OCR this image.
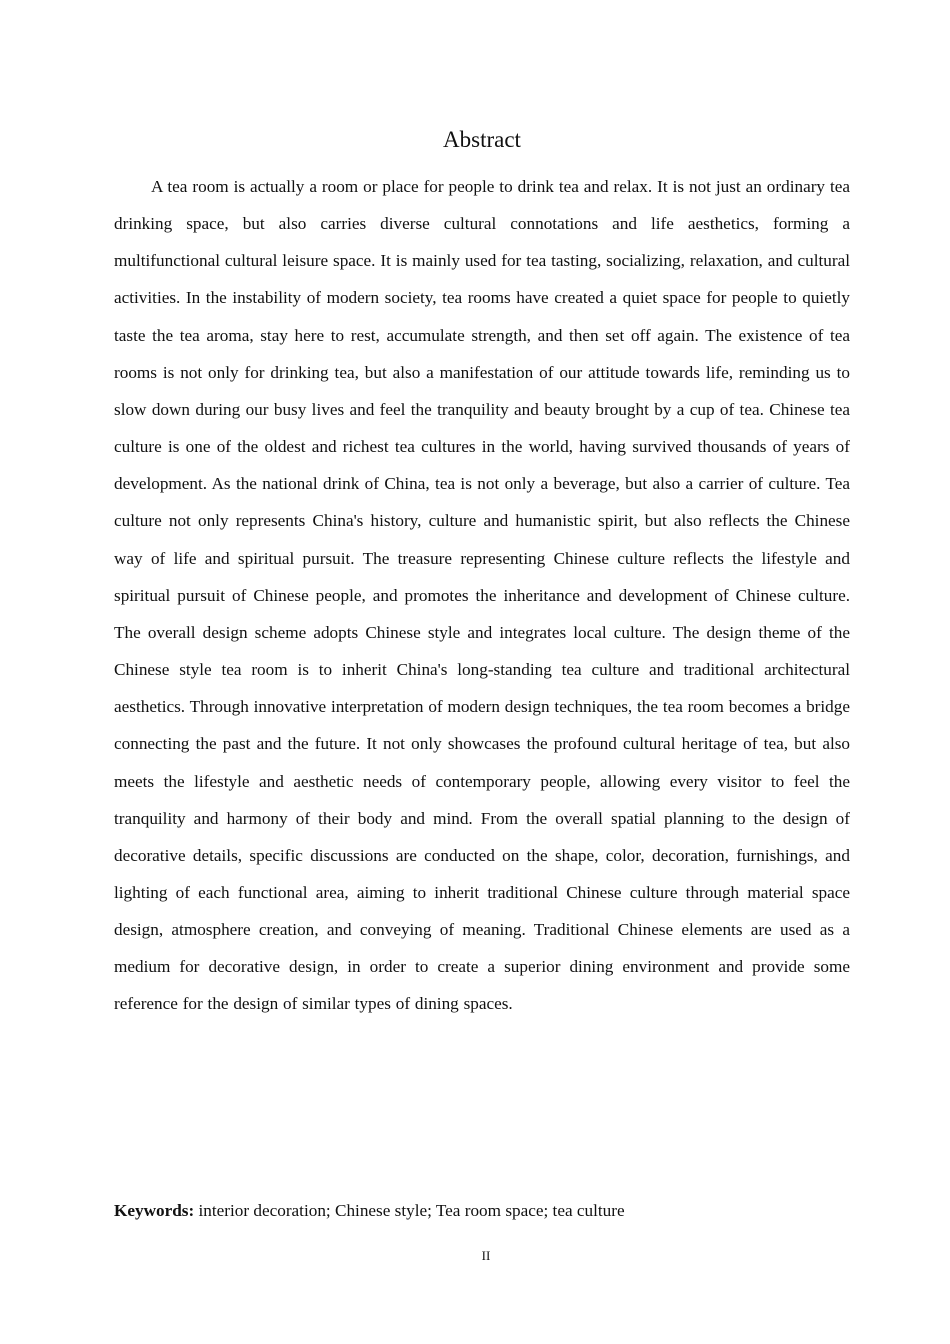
Abstract

A tea room is actually a room or place for people to drink tea and relax. It is not just an ordinary tea drinking space, but also carries diverse cultural connotations and life aesthetics, forming a multifunctional cultural leisure space. It is mainly used for tea tasting, socializing, relaxation, and cultural activities. In the instability of modern society, tea rooms have created a quiet space for people to quietly taste the tea aroma, stay here to rest, accumulate strength, and then set off again. The existence of tea rooms is not only for drinking tea, but also a manifestation of our attitude towards life, reminding us to slow down during our busy lives and feel the tranquility and beauty brought by a cup of tea. Chinese tea culture is one of the oldest and richest tea cultures in the world, having survived thousands of years of development. As the national drink of China, tea is not only a beverage, but also a carrier of culture. Tea culture not only represents China's history, culture and humanistic spirit, but also reflects the Chinese way of life and spiritual pursuit. The treasure representing Chinese culture reflects the lifestyle and spiritual pursuit of Chinese people, and promotes the inheritance and development of Chinese culture. The overall design scheme adopts Chinese style and integrates local culture. The design theme of the Chinese style tea room is to inherit China's long-standing tea culture and traditional architectural aesthetics. Through innovative interpretation of modern design techniques, the tea room becomes a bridge connecting the past and the future. It not only showcases the profound cultural heritage of tea, but also meets the lifestyle and aesthetic needs of contemporary people, allowing every visitor to feel the tranquility and harmony of their body and mind. From the overall spatial planning to the design of decorative details, specific discussions are conducted on the shape, color, decoration, furnishings, and lighting of each functional area, aiming to inherit traditional Chinese culture through material space design, atmosphere creation, and conveying of meaning. Traditional Chinese elements are used as a medium for decorative design, in order to create a superior dining environment and provide some reference for the design of similar types of dining spaces.

Keywords: interior decoration; Chinese style; Tea room space; tea culture

II
